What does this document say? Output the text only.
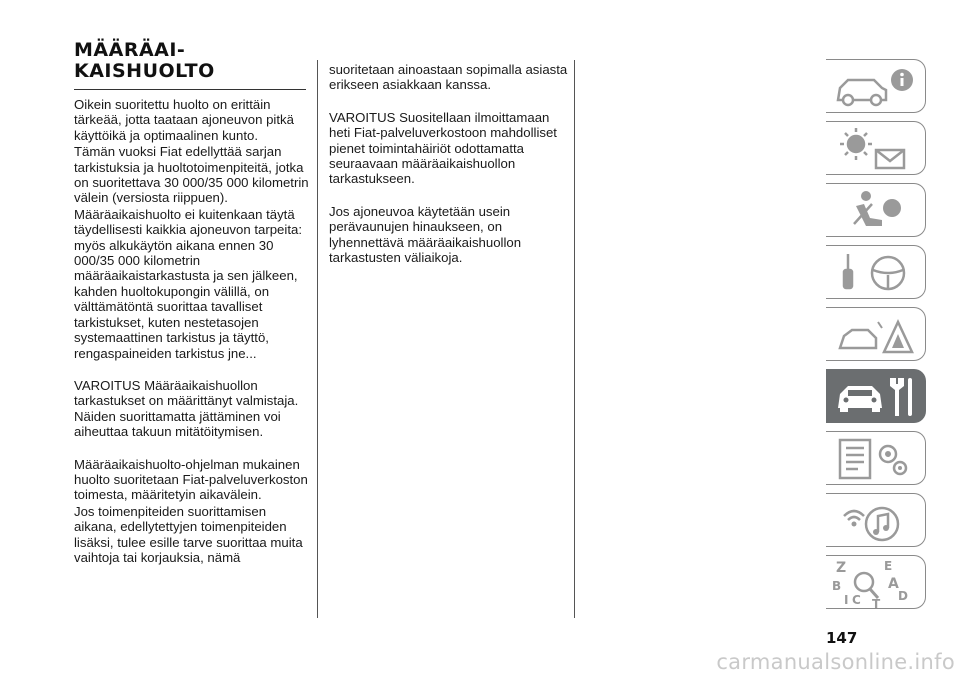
MÄÄRÄAI-
KAISHUOLTO

Oikein suoritettu huolto on erittäin tärkeää, jotta taataan ajoneuvon pitkä käyttöikä ja optimaalinen kunto.

Tämän vuoksi Fiat edellyttää sarjan tarkistuksia ja huoltotoimenpiteitä, jotka on suoritettava 30 000/35 000 kilometrin välein (versiosta riippuen).

Määräaikaishuolto ei kuitenkaan täytä täydellisesti kaikkia ajoneuvon tarpeita: myös alkukäytön aikana ennen 30 000/35 000 kilometrin määräaikaistarkastusta ja sen jälkeen, kahden huoltokupongin välillä, on välttämätöntä suorittaa tavalliset tarkistukset, kuten nestetasojen systemaattinen tarkistus ja täyttö, rengaspaineiden tarkistus jne...

VAROITUS Määräaikaishuollon tarkastukset on määrittänyt valmistaja. Näiden suorittamatta jättäminen voi aiheuttaa takuun mitätöitymisen.

Määräaikaishuolto-ohjelman mukainen huolto suoritetaan Fiat-palveluverkoston toimesta, määritetyin aikavälein.

Jos toimenpiteiden suorittamisen aikana, edellytettyjen toimenpiteiden lisäksi, tulee esille tarve suorittaa muita vaihtoja tai korjauksia, nämä

suoritetaan ainoastaan sopimalla asiasta erikseen asiakkaan kanssa.

VAROITUS Suositellaan ilmoittamaan heti Fiat-palveluverkostoon mahdolliset pienet toimintahäiriöt odottamatta seuraavaan määräaikaishuollon tarkastukseen.

Jos ajoneuvoa käytetään usein perävaunujen hinaukseen, on lyhennettävä määräaikaishuollon tarkastusten väliaikoja.

Z	E
B	A
I C T
D
147
carmanualsonline.info
